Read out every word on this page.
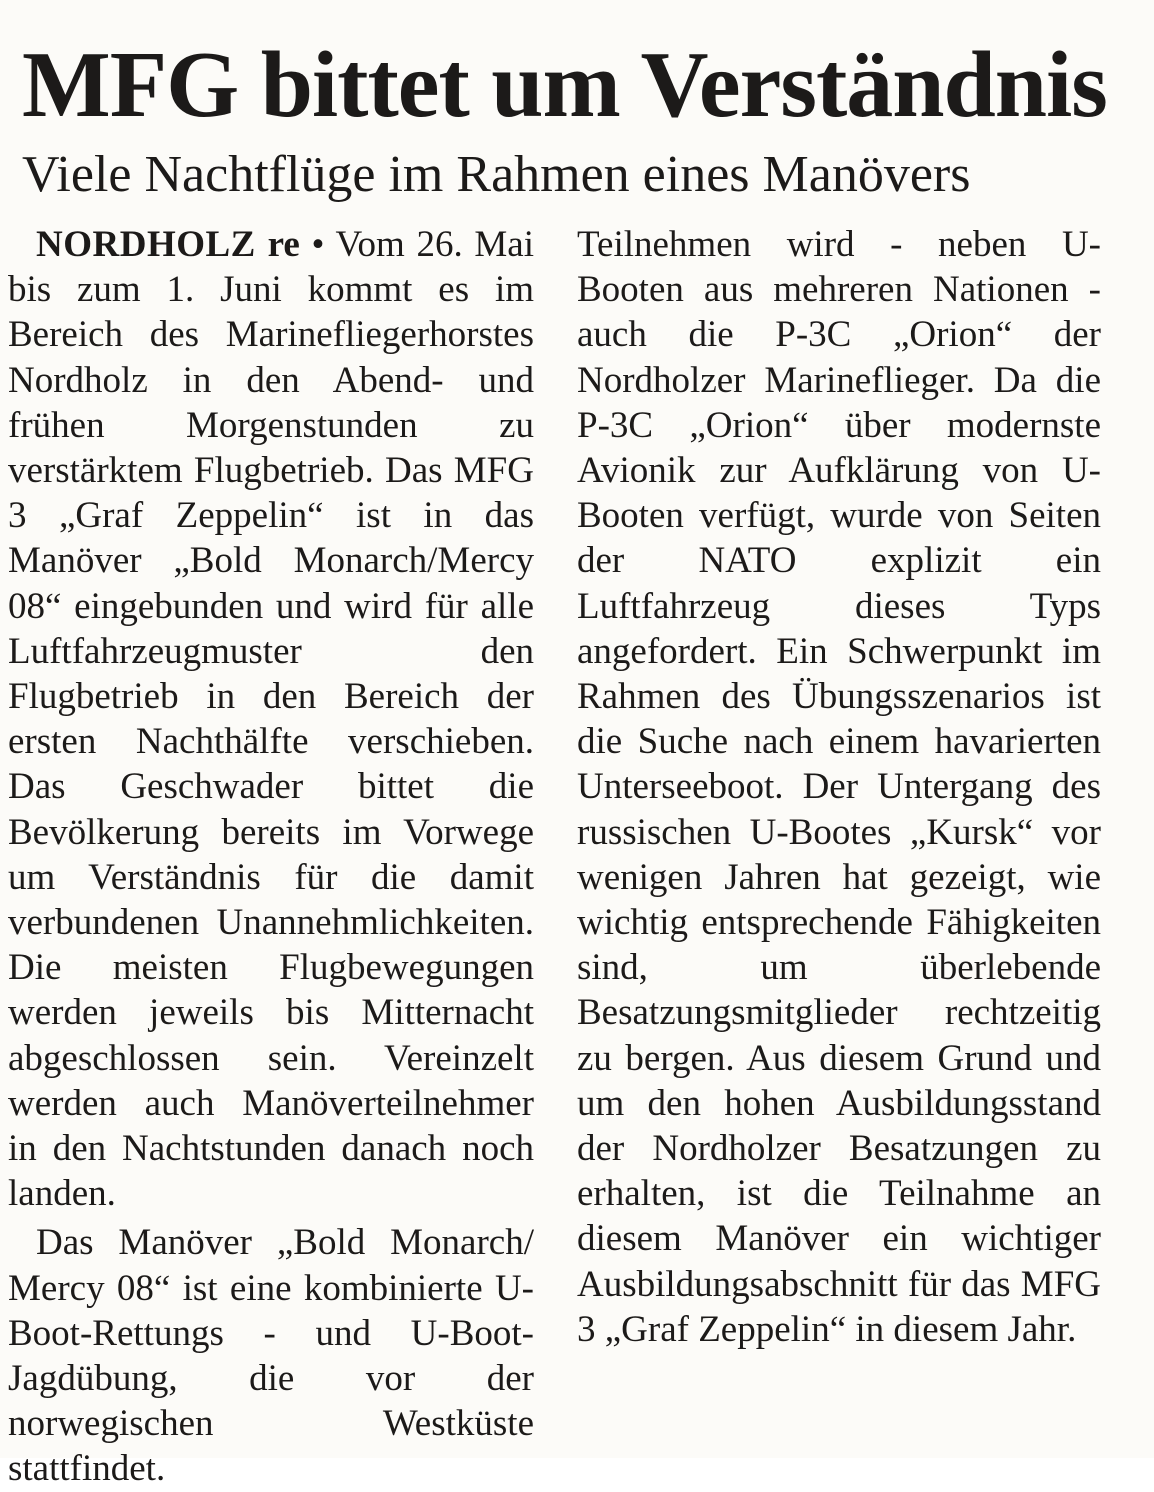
MFG bittet um Verständnis
Viele Nachtflüge im Rahmen eines Manövers

NORDHOLZ re • Vom 26. Mai bis zum 1. Juni kommt es im Bereich des Marinefliegerhorstes Nordholz in den Abend- und frühen Morgenstunden zu verstärktem Flugbetrieb. Das MFG 3 „Graf Zeppelin“ ist in das Manöver „Bold Monarch/Mercy 08“ eingebunden und wird für alle Luftfahrzeugmuster den Flugbetrieb in den Bereich der ersten Nachthälfte verschieben. Das Geschwader bittet die Bevölkerung bereits im Vorwege um Verständnis für die damit verbundenen Unannehmlichkeiten. Die meisten Flugbewegungen werden jeweils bis Mitternacht abgeschlossen sein. Vereinzelt werden auch Manöverteilnehmer in den Nachtstunden danach noch landen.

Das Manöver „Bold Monarch/ Mercy 08“ ist eine kombinierte U-Boot-Rettungs - und U-Boot-Jagdübung, die vor der norwegischen Westküste stattfindet.

Teilnehmen wird - neben U-Booten aus mehreren Nationen - auch die P-3C „Orion“ der Nordholzer Marineflieger. Da die P-3C „Orion“ über modernste Avionik zur Aufklärung von U-Booten verfügt, wurde von Seiten der NATO explizit ein Luftfahrzeug dieses Typs angefordert. Ein Schwerpunkt im Rahmen des Übungsszenarios ist die Suche nach einem havarierten Unterseeboot. Der Untergang des russischen U-Bootes „Kursk“ vor wenigen Jahren hat gezeigt, wie wichtig entsprechende Fähigkeiten sind, um überlebende Besatzungsmitglieder rechtzeitig zu bergen. Aus diesem Grund und um den hohen Ausbildungsstand der Nordholzer Besatzungen zu erhalten, ist die Teilnahme an diesem Manöver ein wichtiger Ausbildungsabschnitt für das MFG 3 „Graf Zeppelin“ in diesem Jahr.
